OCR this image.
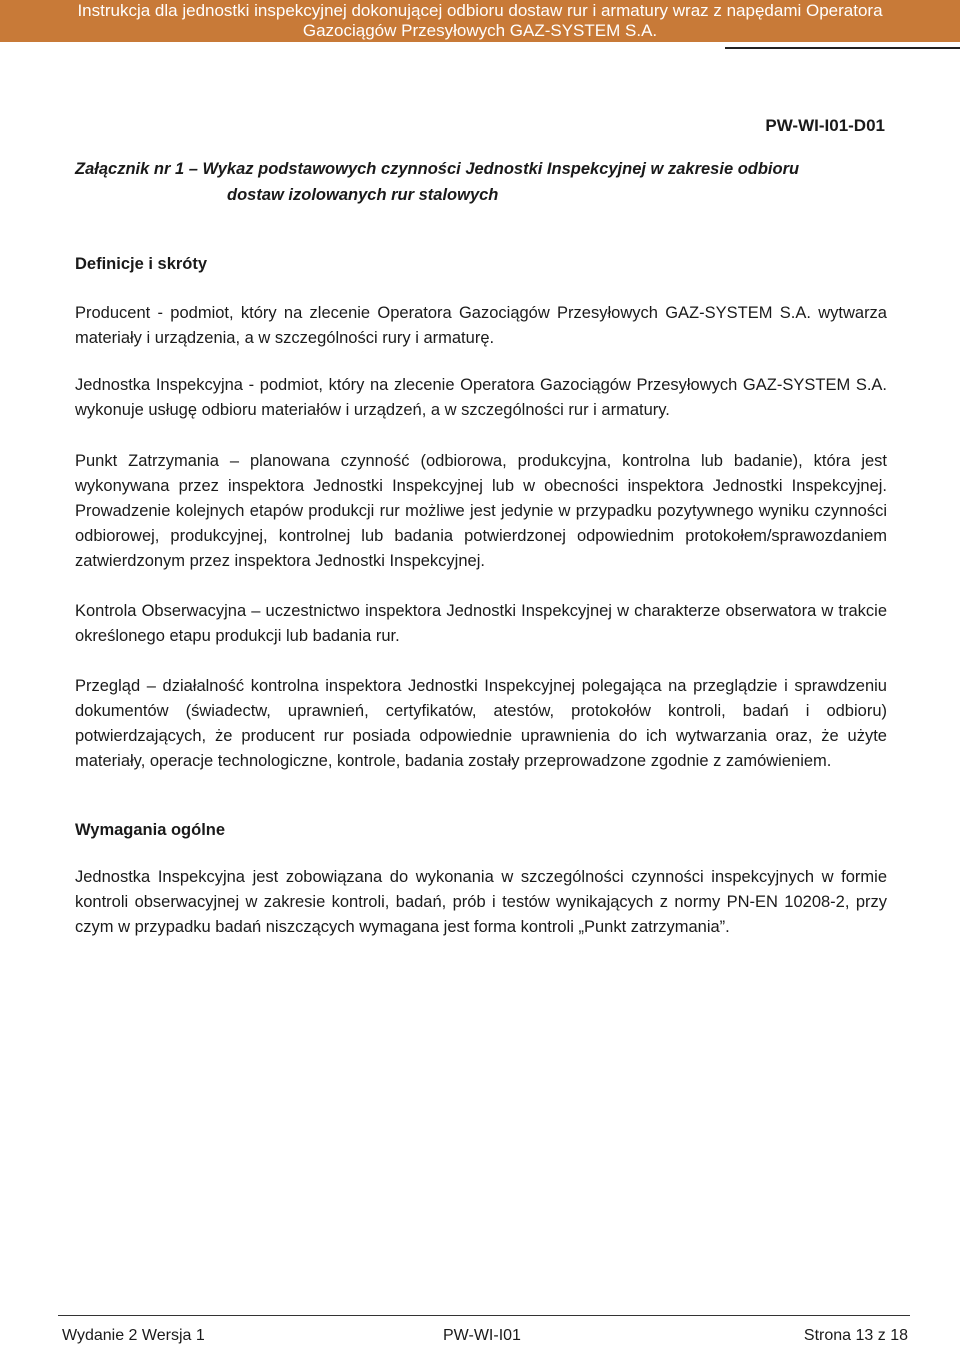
Instrukcja dla jednostki inspekcyjnej dokonującej odbioru dostaw rur i armatury wraz z napędami Operatora
Gazociągów Przesyłowych GAZ-SYSTEM S.A.
PW-WI-I01-D01
Załącznik nr 1 – Wykaz podstawowych czynności Jednostki Inspekcyjnej w zakresie odbioru
dostaw izolowanych rur stalowych
Definicje i skróty

Producent - podmiot, który na zlecenie Operatora Gazociągów Przesyłowych GAZ-SYSTEM S.A. wytwarza materiały i urządzenia, a w szczególności rury i armaturę.

Jednostka Inspekcyjna - podmiot, który na zlecenie Operatora Gazociągów Przesyłowych GAZ-SYSTEM S.A. wykonuje usługę odbioru materiałów i urządzeń, a w szczególności rur i armatury.

Punkt Zatrzymania – planowana czynność (odbiorowa, produkcyjna, kontrolna lub badanie), która jest wykonywana przez inspektora Jednostki Inspekcyjnej lub w obecności inspektora Jednostki Inspekcyjnej. Prowadzenie kolejnych etapów produkcji rur możliwe jest jedynie w przypadku pozytywnego wyniku czynności odbiorowej, produkcyjnej, kontrolnej lub badania potwierdzonej odpowiednim protokołem/sprawozdaniem zatwierdzonym przez inspektora Jednostki Inspekcyjnej.

Kontrola Obserwacyjna – uczestnictwo inspektora Jednostki Inspekcyjnej w charakterze obserwatora w trakcie określonego etapu produkcji lub badania rur.

Przegląd – działalność kontrolna inspektora Jednostki Inspekcyjnej polegająca na przeglądzie i sprawdzeniu dokumentów (świadectw, uprawnień, certyfikatów, atestów, protokołów kontroli, badań i odbioru) potwierdzających, że producent rur posiada odpowiednie uprawnienia do ich wytwarzania oraz, że użyte materiały, operacje technologiczne, kontrole, badania zostały przeprowadzone zgodnie z zamówieniem.

Wymagania ogólne

Jednostka Inspekcyjna jest zobowiązana do wykonania w szczególności czynności inspekcyjnych w formie kontroli obserwacyjnej w zakresie kontroli, badań, prób i testów wynikających z normy PN-EN 10208-2, przy czym w przypadku badań niszczących wymagana jest forma kontroli „Punkt zatrzymania”.

Wydanie 2 Wersja 1	PW-WI-I01	Strona 13 z 18
